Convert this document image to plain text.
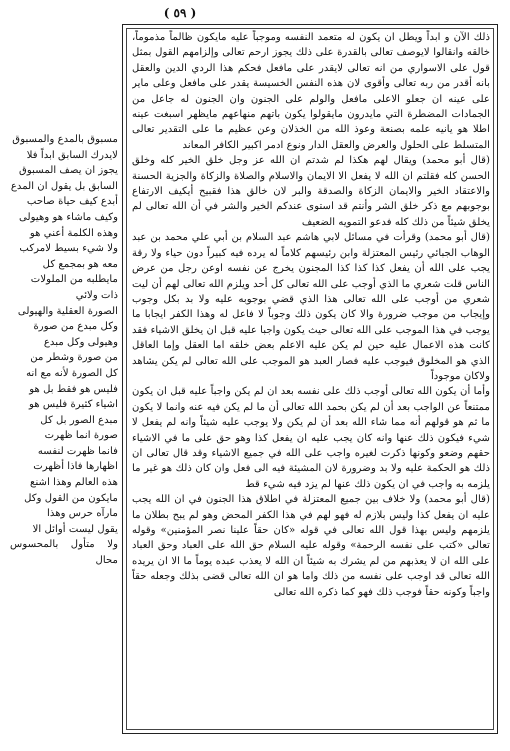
( ٥٩ )

ذلك الآن و ابداً ويطل ان يكون له متعمد النفسه وموجباً عليه مايكون ظالماً مذموماً، خالقه وانقالوا لايوصف تعالى بالقدرة على ذلك يجوز ارحم تعالى وإلزامهم القول بمثل قول على الاسواري من انه تعالى لايقدر على مافعل فحكم هذا الردي الدين والعقل بانه أقدر من ربه تعالى وأقوى لان هذه النفس الخسيسة يقدر على مافعل وعلى ماير على عينه ان جعلو الاعلى مافعل والولم على الجنون وان الجنون له جاعل من الجمادات المضطرة التي مايدرون مايقولوا يكون باتهم منهاعهم مايظهر اسبغت عينه اطلا هو يانيه علمه بصنعة وعوذ الله من الخذلان وعن عظيم ما على التقدير تعالى المتسلط على الحلول والعرض والعقل الدار ونوع ادمر اكبير الكافر المعاند

(قال أبو محمد) ويقال لهم هكذا لم شدتم ان الله عز وجل خلق الخير كله وخلق الحسن كله فقلتم ان الله لا يفعل الا الايمان والاسلام والصلاة والزكاة والجزية الحسنة والاعتقاد الخير والايمان الزكاة والصدقة والبر لان خالق هذا فقبيح أيكيف الارتفاع بوجوبهم مع ذكر خلق الشر وأنتم قد استوى عندكم الخير والشر في أن الله تعالى لم يخلق شيئاً من ذلك كله فدعو التمويه الضعيف

(قال أبو محمد) وقرأت في مسائل لابي هاشم عبد السلام بن أبي علي محمد بن عبد الوهاب الجبائي رئيس المعتزلة وابن رئيسهم كلاماً له يرده فيه كبيراً دون حياء ولا رقة يجب على الله أن يفعل كذا كذا كذا المجنون يخرج عن نفسه اوعن رجل من عرض الناس قلت شعري ما الذي أوجب على الله تعالى كل أحد ويلزم الله تعالى لهم أن ليت شعري من أوجب على الله تعالى هذا الذي قضي بوجوبه عليه ولا بد بكل وجوب وإيجاب من موجب ضرورة والا كان يكون ذلك وجوباً لا فاعل له وهذا الكفر ايجابا ما يوجب في هذا الموجب على الله تعالى حيث يكون واجبا عليه قبل ان يخلق الاشياء فقد كانت هذه الاعمال عليه حين لم يكن عليه الاعلم بعض خلقه اما العقل وإما العاقل الذي هو المخلوق فيوجب عليه فصار العبد هو الموجب على الله تعالى لم يكن يشاهد ولاكان موجوداً

وأما أن يكون الله تعالى أوجب ذلك على نفسه بعد ان لم يكن واجباً عليه قبل ان يكون ممتنعاً عن الواجب بعد أن لم يكن بحمد الله تعالى أن ما لم يكن فيه عنه وانما لا يكون ما ثم هو قولهم أنه مما شاء الله بعد أن لم يكن ولا يوجب عليه شيئاً وانه لم يفعل لا شيء فيكون ذلك عنها وانه كان يجب عليه ان يفعل كذا وهو حق على ما في الاشياء حقهم وضعو وكونها ذكرت لغيره واجب على الله في جميع الاشياء وقد قال تعالى ان ذلك هو الحكمة عليه ولا بد وضرورة لان المشيئة فيه الى فعل وان كان ذلك هو غير ما يلزمه به واجب في ان يكون ذلك عنها لم يزد فيه شيء قط

(قال أبو محمد) ولا خلاف بين جميع المعتزلة في اطلاق هذا الجنون في ان الله يجب عليه ان يفعل كذا وليس بلازم له فهو لهم في هذا الكفر المحض وهو لم يبح بطلان ما يلزمهم وليس بهذا قول الله تعالى في قوله «كان حقاً علينا نصر المؤمنين» وقوله تعالى «كتب على نفسه الرحمة» وقوله عليه السلام حق الله على العباد وحق العباد على الله ان لا يعذبهم من لم يشرك به شيئاً ان الله لا يعذب عبده يوماً ما الا ان يريده الله تعالى قد اوجب على نفسه من ذلك واما هو ان الله تعالى قضى بذلك وجعله حقاً واجباً وكونه حقاً فوجب ذلك فهو كما ذكره الله تعالى

مسبوق بالمدع والمسبوق

لايدرك السابق ابداً فلا

يجوز ان يصف المسبوق

السابق بل يقول ان المدع

أبدع كيف حياة صاحب

وكيف ماشاء هو وهيولى

وهذه الكلمة أعني هو

ولا شيء بسيط لامركب

معه هو بمجمع كل

مايطلبه من الملولات

ذات ولائي

الصورة العقلية والهيولى

وكل مبدع من صورة

وهيولى وكل مبدع

من صورة وشطر من

كل الصورة لأنه مع انه

فليس هو فقط بل هو

اشياء كثيرة فليس هو

مبدع الصور بل كل

صورة انما ظهرت

فانما ظهرت لنفسه

اظهارها فاذا أظهرت

هذه العالم وهذا اشنع

مايكون من القول وكل

مارآه حرس وهذا

يقول ليست أوائل الا

ولا متأول بالمحسوس محال
